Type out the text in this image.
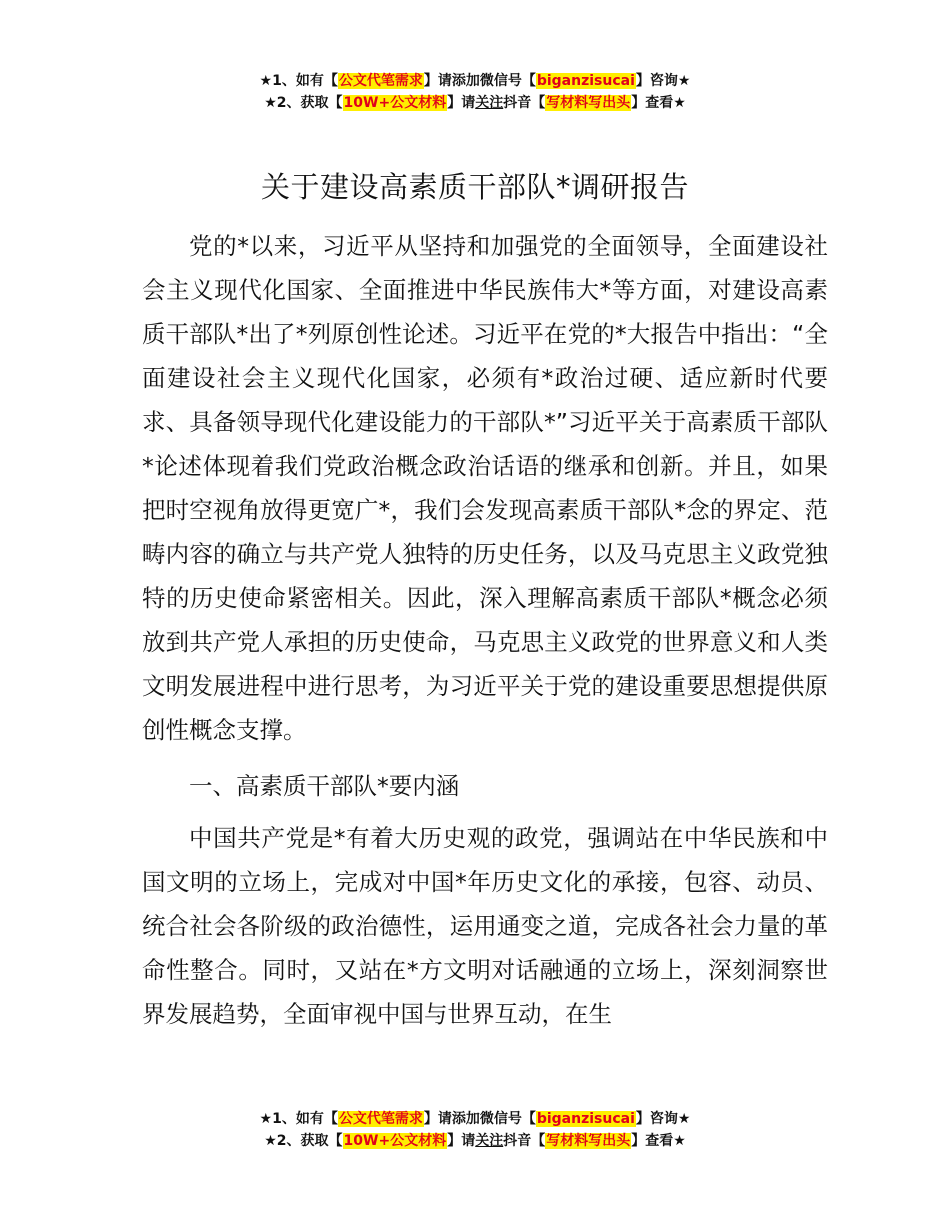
★1、如有【公文代笔需求】请添加微信号【biganzisucai】咨询★
★2、获取【10W+公文材料】请关注抖音【写材料写出头】查看★
关于建设高素质干部队*调研报告

党的*以来，习近平从坚持和加强党的全面领导，全面建设社会主义现代化国家、全面推进中华民族伟大*等方面，对建设高素质干部队*出了*列原创性论述。习近平在党的*大报告中指出：“全面建设社会主义现代化国家，必须有*政治过硬、适应新时代要求、具备领导现代化建设能力的干部队*”习近平关于高素质干部队*论述体现着我们党政治概念政治话语的继承和创新。并且，如果把时空视角放得更宽广*，我们会发现高素质干部队*念的界定、范畴内容的确立与共产党人独特的历史任务，以及马克思主义政党独特的历史使命紧密相关。因此，深入理解高素质干部队*概念必须放到共产党人承担的历史使命，马克思主义政党的世界意义和人类文明发展进程中进行思考，为习近平关于党的建设重要思想提供原创性概念支撑。

一、高素质干部队*要内涵

中国共产党是*有着大历史观的政党，强调站在中华民族和中国文明的立场上，完成对中国*年历史文化的承接，包容、动员、统合社会各阶级的政治德性，运用通变之道，完成各社会力量的革命性整合。同时，又站在*方文明对话融通的立场上，深刻洞察世界发展趋势，全面审视中国与世界互动，在生

★1、如有【公文代笔需求】请添加微信号【biganzisucai】咨询★
★2、获取【10W+公文材料】请关注抖音【写材料写出头】查看★
